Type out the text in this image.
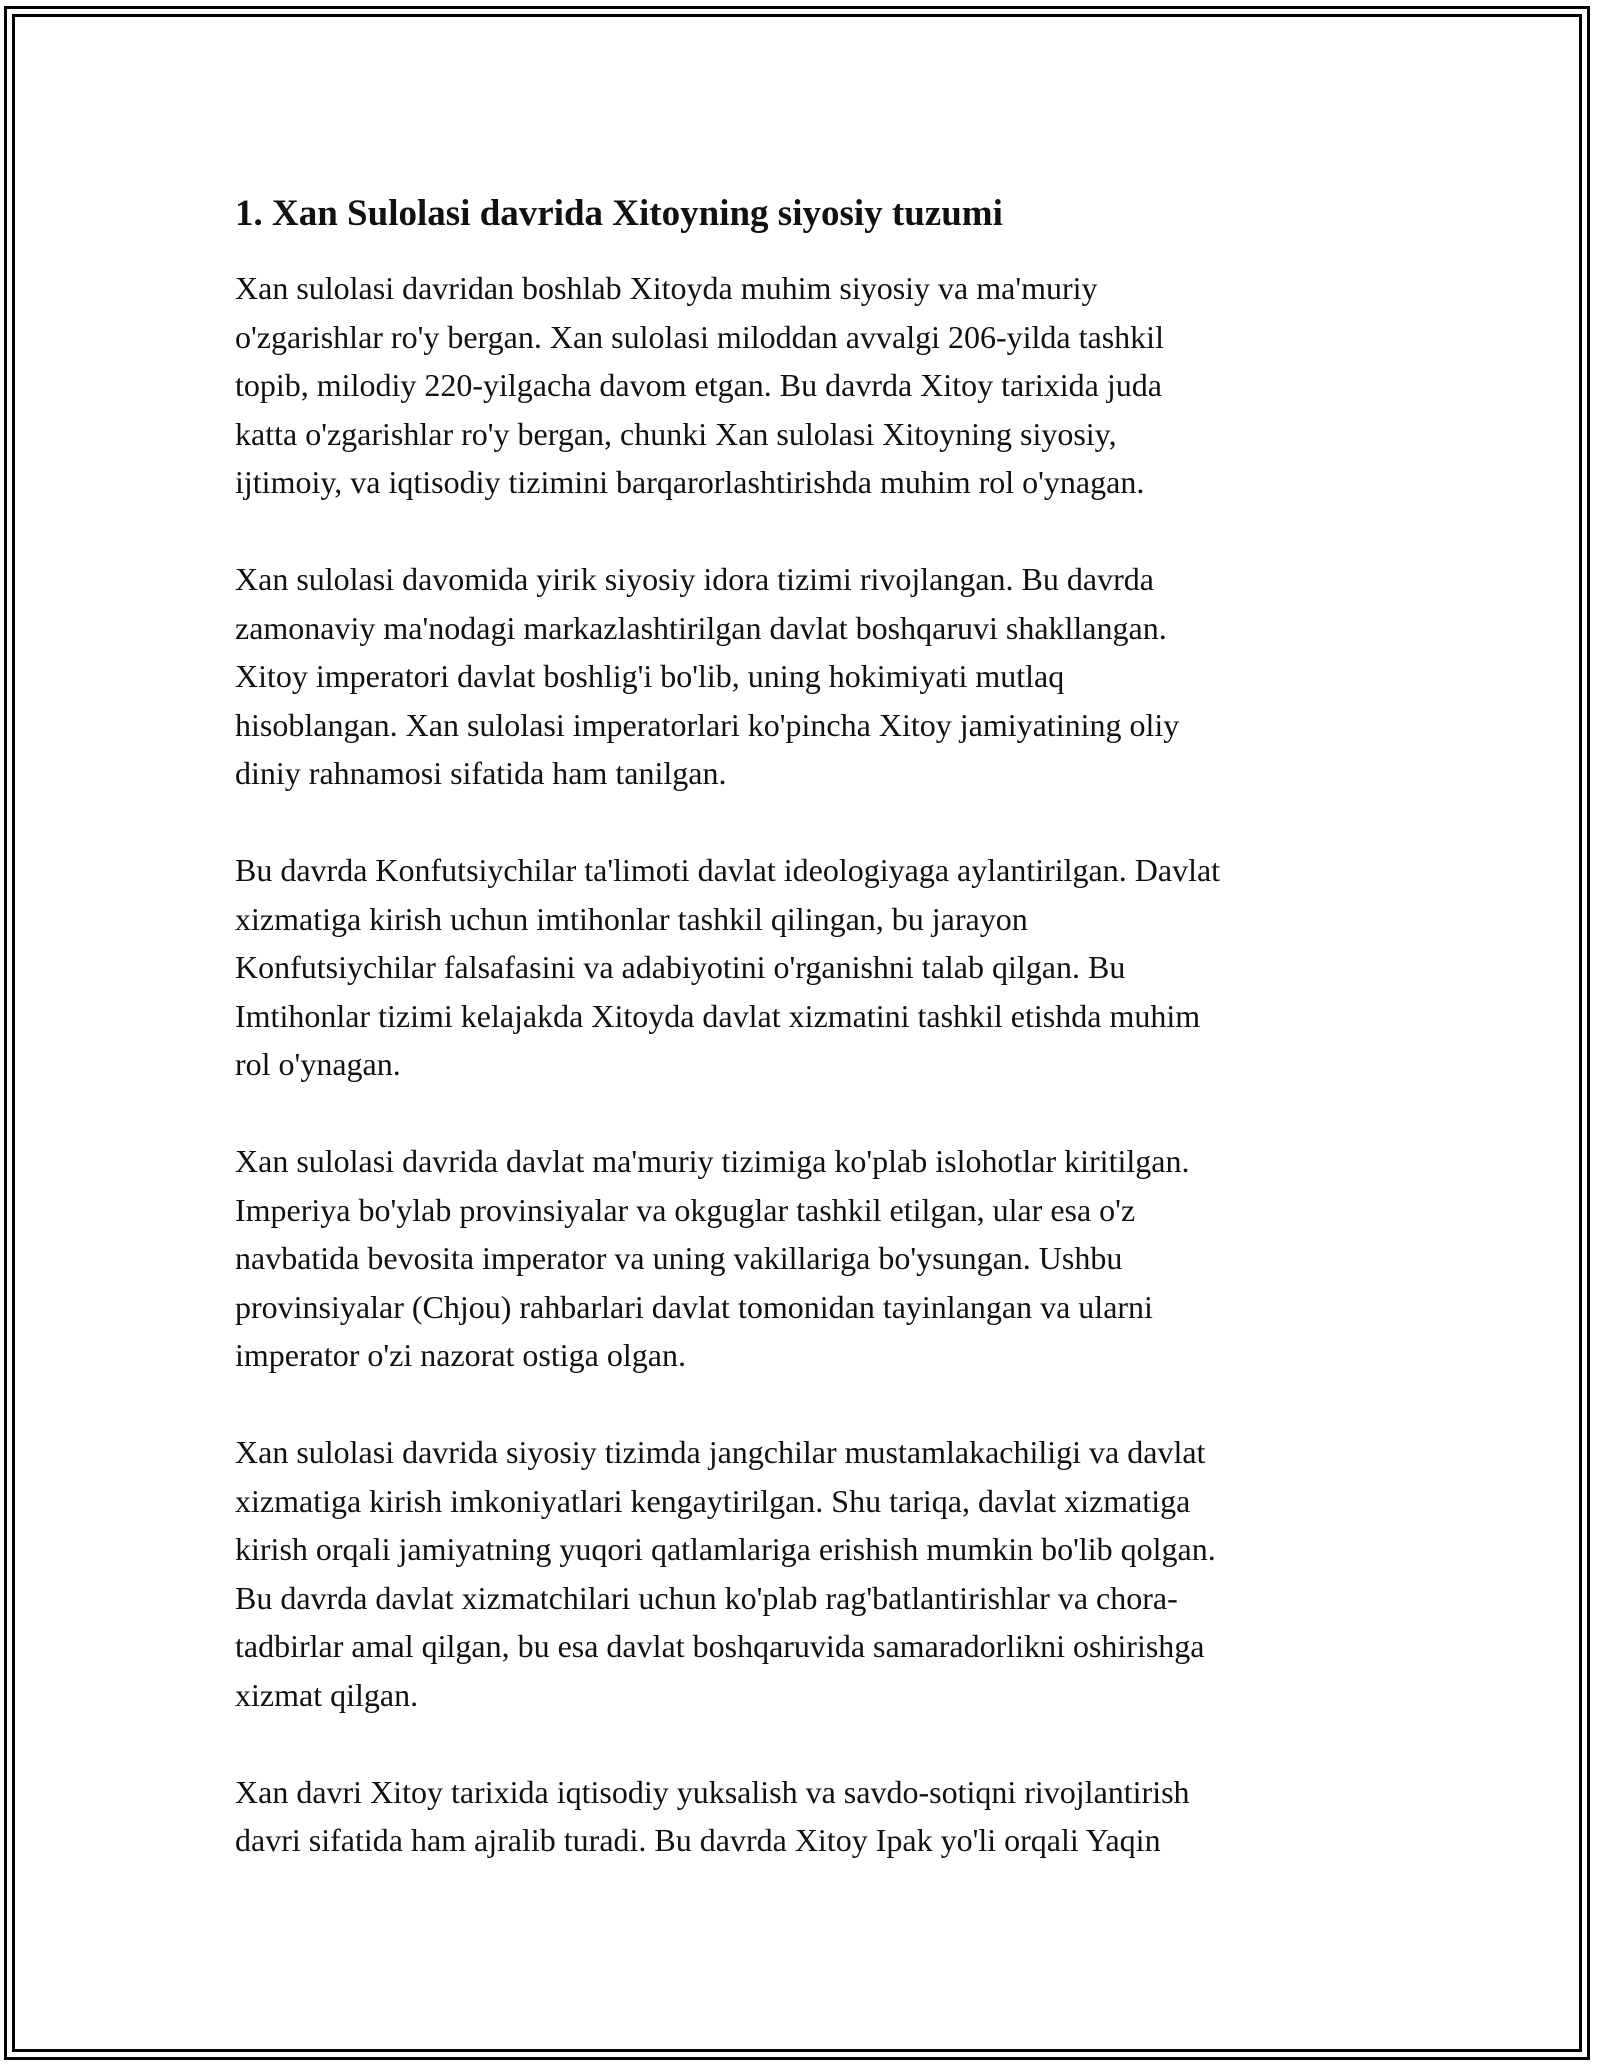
1. Xan Sulolasi davrida Xitoyning siyosiy tuzumi

Xan sulolasi davridan boshlab Xitoyda muhim siyosiy va ma'muriy
o'zgarishlar ro'y bergan. Xan sulolasi miloddan avvalgi 206-yilda tashkil
topib, milodiy 220-yilgacha davom etgan. Bu davrda Xitoy tarixida juda
katta o'zgarishlar ro'y bergan, chunki Xan sulolasi Xitoyning siyosiy,
ijtimoiy, va iqtisodiy tizimini barqarorlashtirishda muhim rol o'ynagan.

Xan sulolasi davomida yirik siyosiy idora tizimi rivojlangan. Bu davrda
zamonaviy ma'nodagi markazlashtirilgan davlat boshqaruvi shakllangan.
Xitoy imperatori davlat boshlig'i bo'lib, uning hokimiyati mutlaq
hisoblangan. Xan sulolasi imperatorlari ko'pincha Xitoy jamiyatining oliy
diniy rahnamosi sifatida ham tanilgan.

Bu davrda Konfutsiychilar ta'limoti davlat ideologiyaga aylantirilgan. Davlat
xizmatiga kirish uchun imtihonlar tashkil qilingan, bu jarayon
Konfutsiychilar falsafasini va adabiyotini o'rganishni talab qilgan. Bu
Imtihonlar tizimi kelajakda Xitoyda davlat xizmatini tashkil etishda muhim
rol o'ynagan.

Xan sulolasi davrida davlat ma'muriy tizimiga ko'plab islohotlar kiritilgan.
Imperiya bo'ylab provinsiyalar va okguglar tashkil etilgan, ular esa o'z
navbatida bevosita imperator va uning vakillariga bo'ysungan. Ushbu
provinsiyalar (Chjou) rahbarlari davlat tomonidan tayinlangan va ularni
imperator o'zi nazorat ostiga olgan.

Xan sulolasi davrida siyosiy tizimda jangchilar mustamlakachiligi va davlat
xizmatiga kirish imkoniyatlari kengaytirilgan. Shu tariqa, davlat xizmatiga
kirish orqali jamiyatning yuqori qatlamlariga erishish mumkin bo'lib qolgan.
Bu davrda davlat xizmatchilari uchun ko'plab rag'batlantirishlar va chora-
tadbirlar amal qilgan, bu esa davlat boshqaruvida samaradorlikni oshirishga
xizmat qilgan.

Xan davri Xitoy tarixida iqtisodiy yuksalish va savdo-sotiqni rivojlantirish
davri sifatida ham ajralib turadi. Bu davrda Xitoy Ipak yo'li orqali Yaqin
